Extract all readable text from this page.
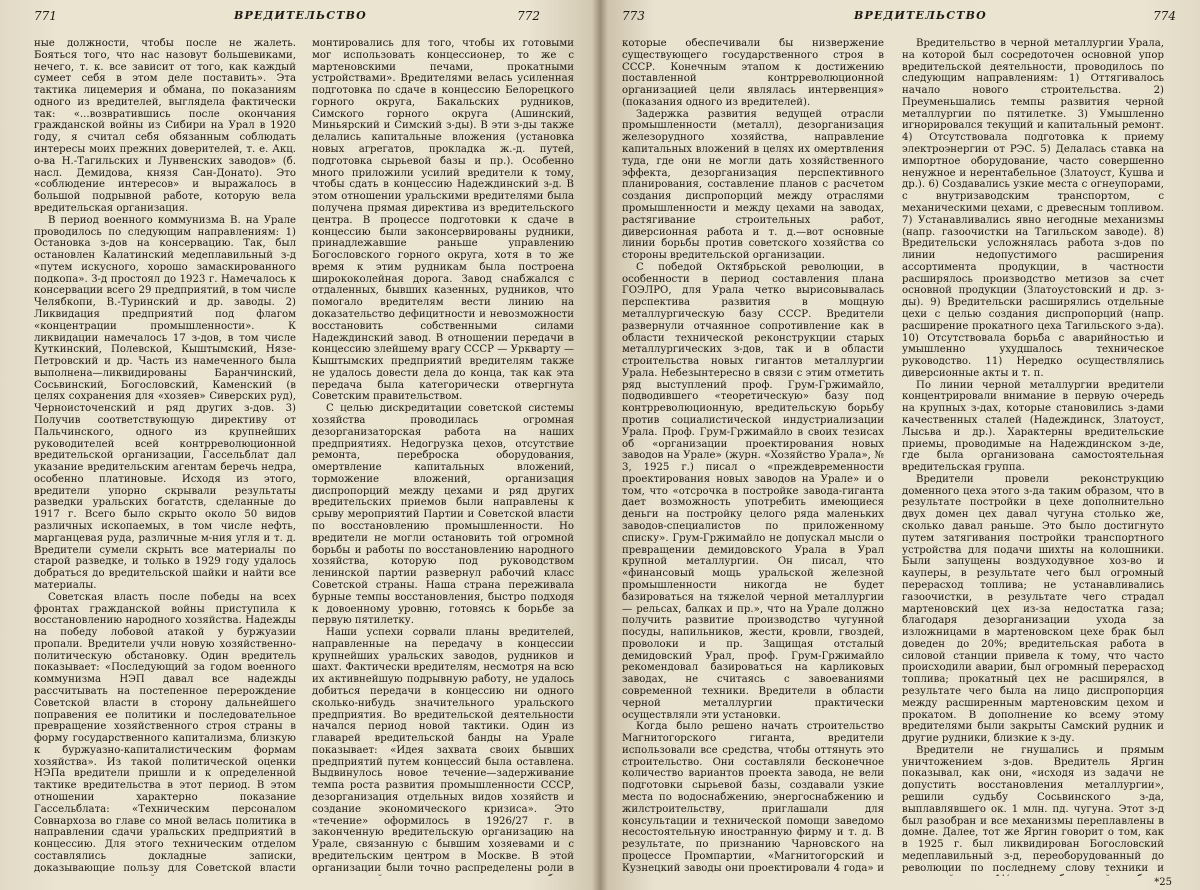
771	ВРЕДИТЕЛЬСТВО	772

ные должности, чтобы после не жалеть. Бояться того, что нас назовут большевиками, нечего, т. к. все зависит от того, как каждый сумеет себя в этом деле поставить». Эта тактика лицемерия и обмана, по показаниям одного из вредителей, выглядела фактически так: «...возвратившись после окончания гражданской войны из Сибири на Урал в 1920 году, я считал себя обязанным соблюдать интересы моих прежних доверителей, т. е. Акц. о-ва Н.-Тагильских и Лунвенских заводов» (б. насл. Демидова, князя Сан-Донато). Это «соблюдение интересов» и выражалось в большой подрывной работе, которую вела вредительская организация.

В период военного коммунизма В. на Урале проводилось по следующим направлениям: 1) Остановка з-дов на консервацию. Так, был остановлен Калатинский медеплавильный з-д «путем искусного, хорошо замаскированного подкопа». З-д простоял до 1923 г. Намечалось к консервации всего 29 предприятий, в том числе Челябкопи, В.-Туринский и др. заводы. 2) Ликвидация предприятий под флагом «концентрации промышленности». К ликвидации намечалось 17 з-дов, в том числе Куткинский, Полевской, Кыштымский, Нязе-Петровский и др. Часть из намеченного была выполнена—ликвидированы Баранчинский, Сосьвинский, Богословский, Каменский (в целях сохранения для «хозяев» Сиверских руд), Черноисточенский и ряд других з-дов. 3) Получив соответствующую директиву от Пальчинского, одного из крупнейших руководителей всей контрреволюционной вредительской организации, Гассельблат дал указание вредительским агентам беречь недра, особенно платиновые. Исходя из этого, вредители упорно скрывали результаты разведки уральских богатств, сделанные до 1917 г. Всего было скрыто около 50 видов различных ископаемых, в том числе нефть, марганцевая руда, различные м-ния угля и т. д. Вредители сумели скрыть все материалы по старой разведке, и только в 1929 году удалось добраться до вредительской шайки и найти все материалы.

Советская власть после победы на всех фронтах гражданской войны приступила к восстановлению народного хозяйства. Надежды на победу лобовой атакой у буржуазии пропали. Вредители учли новую хозяйственно-политическую обстановку. Один вредитель показывает: «Последующий за годом военного коммунизма НЭП давал все надежды рассчитывать на постепенное перерождение Советской власти в сторону дальнейшего поправения ее политики и последовательное превращение хозяйственного строя страны в форму государственного капитализма, близкую к буржуазно-капиталистическим формам хозяйства». Из такой политической оценки НЭПа вредители пришли и к определенной тактике вредительства в этот период. В этом отношении характерно показание Гассельблата: «Техническим персоналом Совнархоза во главе со мной велась политика в направлении сдачи уральских предприятий в концессию. Для этого техническим отделом составлялись докладные записки, доказывающие пользу для Советской власти

монтировались для того, чтобы их готовыми мог использовать концессионер, то же с мартеновскими печами, прокатными устройствами». Вредителями велась усиленная подготовка по сдаче в концессию Белорецкого горного округа, Бакальских рудников, Симского горного округа (Ашинский, Миньярский и Симский з-ды). В эти з-ды также делались капитальные вложения (установка новых агрегатов, прокладка ж.-д. путей, подготовка сырьевой базы и пр.). Особенно много приложили усилий вредители к тому, чтобы сдать в концессию Надеждинский з-д. В этом отношении уральскими вредителями была получена прямая директива из вредительского центра. В процессе подготовки к сдаче в концессию были законсервированы рудники, принадлежавшие раньше управлению Богословского горного округа, хотя в то же время к этим рудникам была построена ширококолейная дорога. Завод снабжался с отдаленных, бывших казенных, рудников, что помогало вредителям вести линию на доказательство дефицитности и невозможности восстановить собственными силами Надеждинский завод. В отношении передачи в концессию злейшему врагу СССР — Уркварту — Кыштымских предприятий вредителям также не удалось довести дела до конца, так как эта передача была категорически отвергнута Советским правительством.

С целью дискредитации советской системы хозяйства проводилась огромная дезорганизаторская работа на наших предприятиях. Недогрузка цехов, отсутствие ремонта, переброска оборудования, омертвление капитальных вложений, торможение вложений, организация диспропорций между цехами и ряд других вредительских приемов были направлены к срыву мероприятий Партии и Советской власти по восстановлению промышленности. Но вредители не могли остановить той огромной борьбы и работы по восстановлению народного хозяйства, которую под руководством ленинской партии развернул рабочий класс Советской страны. Наша страна переживала бурные темпы восстановления, быстро подходя к довоенному уровню, готовясь к борьбе за первую пятилетку.

Наши успехи сорвали планы вредителей, направленные на передачу в концессии крупнейших уральских заводов, рудников и шахт. Фактически вредителям, несмотря на всю их активнейшую подрывную работу, не удалось добиться передачи в концессию ни одного сколько-нибудь значительного уральского предприятия. Во вредительской деятельности начался период новой тактики. Один из главарей вредительской банды на Урале показывает: «Идея захвата своих бывших предприятий путем концессий была оставлена. Выдвинулось новое течение—задерживание темпа роста развития промышленности СССР, дезорганизация отдельных видов хозяйств и создание экономического кризиса». Это «течение» оформилось в 1926/27 г. в законченную вредительскую организацию на Урале, связанную с бывшим хозяевами и с вредительским центром в Москве. В этой организации были точно распределены роли в

773	ВРЕДИТЕЛЬСТВО	774

которые обеспечивали бы низвержение существующего государственного строя в СССР. Конечным этапом к достижению поставленной контрреволюционной организацией цели являлась интервенция» (показания одного из вредителей).

Задержка развития ведущей отрасли промышленности (металл), дезорганизация железорудного хозяйства, направление капитальных вложений в целях их омертвления туда, где они не могли дать хозяйственного эффекта, дезорганизация перспективного планирования, составление планов с расчетом создания диспропорций между отраслями промышленности и между цехами на заводах, растягивание строительных работ, диверсионная работа и т. д.—вот основные линии борьбы против советского хозяйства со стороны вредительской организации.

С победой Октябрьской революции, в особенности в период составления плана ГОЭЛРО, для Урала четко вырисовывалась перспектива развития в мощную металлургическую базу СССР. Вредители развернули отчаянное сопротивление как в области технической реконструкции старых металлургических з-дов, так и в области строительства новых гигантов металлургии Урала. Небезынтересно в связи с этим отметить ряд выступлений проф. Грум-Гржимайло, подводившего «теоретическую» базу под контрреволюционную, вредительскую борьбу против социалистической индустриализации Урала. Проф. Грум-Гржимайло в своих тезисах об «организации проектирования новых заводов на Урале» (журн. «Хозяйство Урала», № 3, 1925 г.) писал о «преждевременности проектирования новых заводов на Урале» и о том, что «отсрочка в постройке завода-гиганта дает возможность употребить имеющиеся деньги на постройку целого ряда маленьких заводов-специалистов по приложенному списку». Грум-Гржимайло не допускал мысли о превращении демидовского Урала в Урал крупной металлургии. Он писал, что «финансовый мощь уральской железной промышленности никогда не будет базироваться на тяжелой черной металлургии — рельсах, балках и пр.», что на Урале должно получить развитие производство чугунной посуды, напильников, жести, кровли, гвоздей, проволоки и пр. Защищая отсталый демидовский Урал, проф. Грум-Гржимайло рекомендовал базироваться на карликовых заводах, не считаясь с завоеваниями современной техники. Вредители в области черной металлургии практически осуществляли эти установки.

Когда было решено начать строительство Магнитогорского гиганта, вредители использовали все средства, чтобы оттянуть это строительство. Они составляли бесконечное количество вариантов проекта завода, не вели подготовки сырьевой базы, создавали узкие места по водоснабжению, энергоснабжению и жилстроительству, приглашали для консультации и технической помощи заведомо несостоятельную иностранную фирму и т. д. В результате, по признанию Чарновского на процессе Промпартии, «Магнитогорский и Кузнецкий заводы они проектировали 4 года» и

Вредительство в черной металлургии Урала, на которой был сосредоточен основной упор вредительской деятельности, проводилось по следующим направлениям: 1) Оттягивалось начало нового строительства. 2) Преуменьшались темпы развития черной металлургии по пятилетке. 3) Умышленно игнорировался текущий и капитальный ремонт. 4) Отсутствовала подготовка к приему электроэнергии от РЭС. 5) Делалась ставка на импортное оборудование, часто совершенно ненужное и нерентабельное (Златоуст, Кушва и др.). 6) Создавались узкие места с огнеупорами, с внутризаводским транспортом, с механическими цехами, с древесным топливом. 7) Устанавливались явно негодные механизмы (напр. газоочистки на Тагильском заводе). 8) Вредительски усложнялась работа з-дов по линии недопустимого расширения ассортимента продукции, в частности расширялось производство метизов за счет основной продукции (Златоустовский и др. з-ды). 9) Вредительски расширялись отдельные цехи с целью создания диспропорций (напр. расширение прокатного цеха Тагильского з-да). 10) Отсутствовала борьба с аварийностью и умышленно ухудшалось техническое руководство. 11) Нередко осуществлялись диверсионные акты и т. п.

По линии черной металлургии вредители концентрировали внимание в первую очередь на крупных з-дах, которые становились з-дами качественных сталей (Надеждинск, Златоуст, Лысьва и др.). Характерны вредительские приемы, проводимые на Надеждинском з-де, где была организована самостоятельная вредительская группа.

Вредители провели реконструкцию доменного цеха этого з-да таким образом, что в результате постройки в цехе дополнительно двух домен цех давал чугуна столько же, сколько давал раньше. Это было достигнуто путем затягивания постройки транспортного устройства для подачи шихты на колошники. Были запущены воздуходувное хоз-во и кауперы, в результате чего был огромный перерасход топлива; не устанавливались газоочистки, в результате чего страдал мартеновский цех из-за недостатка газа; благодаря дезорганизации ухода за изложницами в мартеновском цехе брак был доведен до 20%; вредительская работа в силовой станции привела к тому, что часто происходили аварии, был огромный перерасход топлива; прокатный цех не расширялся, в результате чего была на лицо диспропорция между расширенным мартеновским цехом и прокатом. В дополнение ко всему этому вредителями были закрыты Самский рудник и другие рудники, близкие к з-ду.

Вредители не гнушались и прямым уничтожением з-дов. Вредитель Яргин показывал, как они, «исходя из задачи не допустить восстановления металлургии», решили судьбу Сосьвинского з-да, выплавлявшего ок. 1 млн. пд. чугуна. Этот з-д был разобран и все механизмы переплавлены в домне. Далее, тот же Яргин говорит о том, как в 1925 г. был ликвидирован Богословский медеплавильный з-д, переоборудованный до революции по последнему слову техники и

*25
